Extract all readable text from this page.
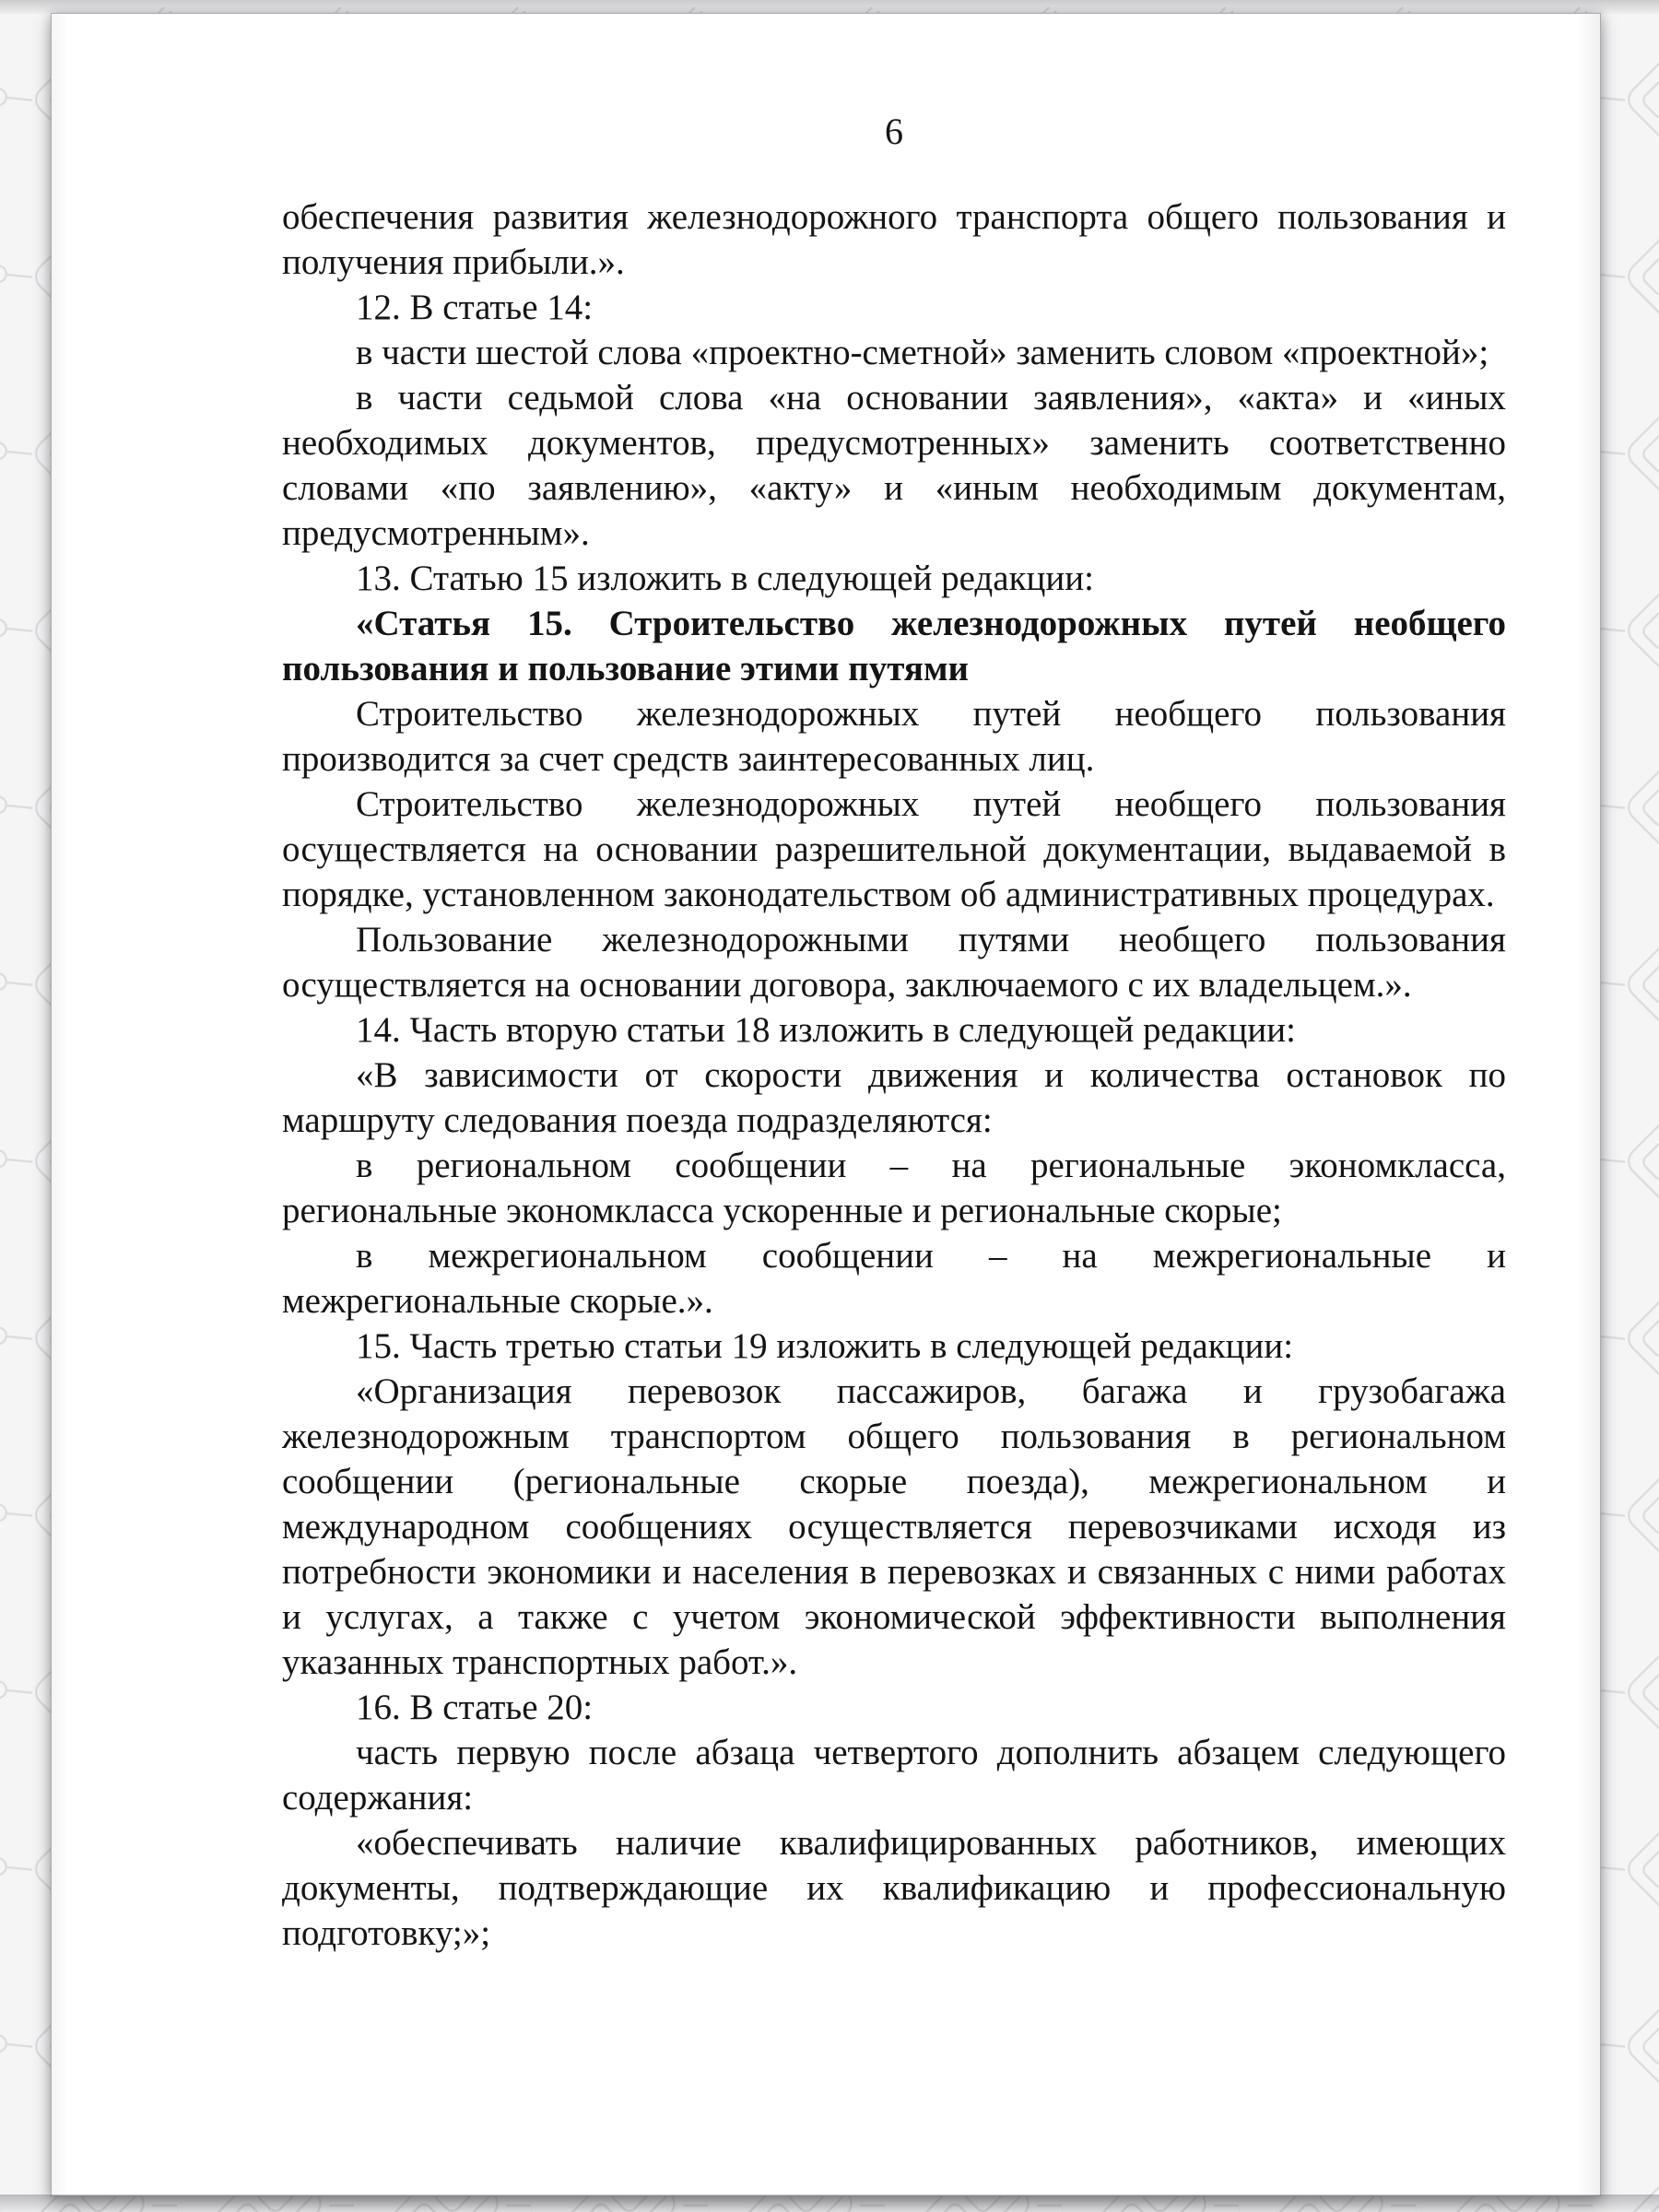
6

обеспечения развития железнодорожного транспорта общего пользования и получения прибыли.».

12. В статье 14:

в части шестой слова «проектно-сметной» заменить словом «проектной»;

в части седьмой слова «на основании заявления», «акта» и «иных необходимых документов, предусмотренных» заменить соответственно словами «по заявлению», «акту» и «иным необходимым документам, предусмотренным».

13. Статью 15 изложить в следующей редакции:

«Статья 15. Строительство железнодорожных путей необщего пользования и пользование этими путями

Строительство железнодорожных путей необщего пользования производится за счет средств заинтересованных лиц.

Строительство железнодорожных путей необщего пользования осуществляется на основании разрешительной документации, выдаваемой в порядке, установленном законодательством об административных процедурах.

Пользование железнодорожными путями необщего пользования осуществляется на основании договора, заключаемого с их владельцем.».

14. Часть вторую статьи 18 изложить в следующей редакции:

«В зависимости от скорости движения и количества остановок по маршруту следования поезда подразделяются:

в региональном сообщении – на региональные экономкласса, региональные экономкласса ускоренные и региональные скорые;

в межрегиональном сообщении – на межрегиональные и межрегиональные скорые.».

15. Часть третью статьи 19 изложить в следующей редакции:

«Организация перевозок пассажиров, багажа и грузобагажа железнодорожным транспортом общего пользования в региональном сообщении (региональные скорые поезда), межрегиональном и международном сообщениях осуществляется перевозчиками исходя из потребности экономики и населения в перевозках и связанных с ними работах и услугах, а также с учетом экономической эффективности выполнения указанных транспортных работ.».

16. В статье 20:

часть первую после абзаца четвертого дополнить абзацем следующего содержания:

«обеспечивать наличие квалифицированных работников, имеющих документы, подтверждающие их квалификацию и профессиональную подготовку;»;
